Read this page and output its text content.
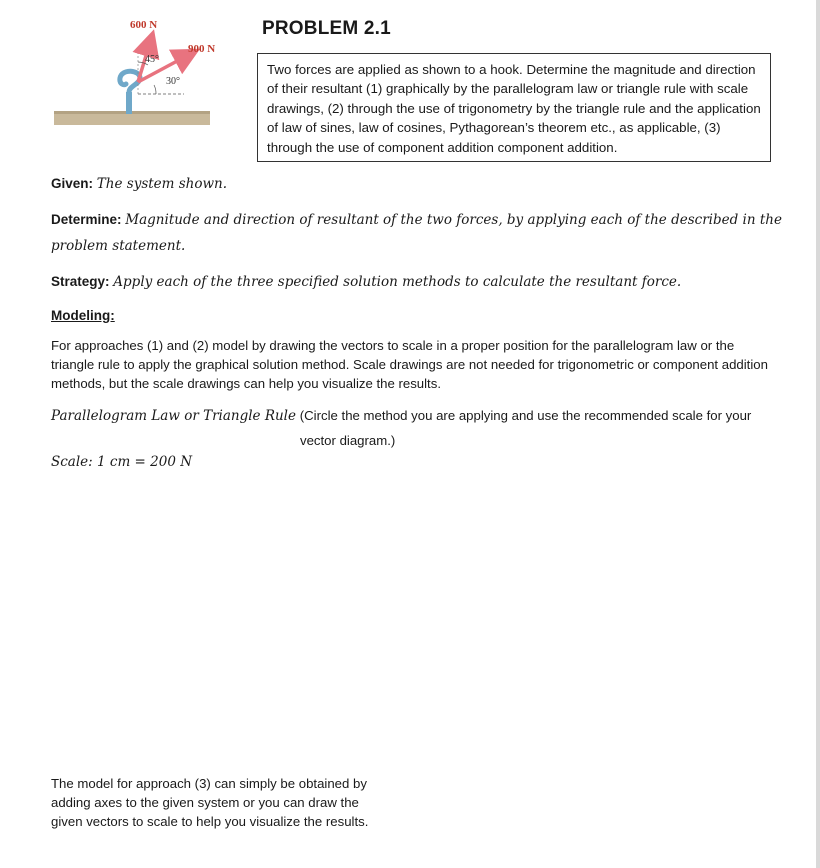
600 N
900 N
45°
30°
PROBLEM 2.1
Two forces are applied as shown to a hook. Determine the magnitude and direction of their resultant (1) graphically by the parallelogram law or triangle rule with scale drawings, (2) through the use of trigonometry by the triangle rule and the application of law of sines, law of cosines, Pythagorean’s theorem etc., as applicable, (3) through the use of component addition component addition.
Given: The system shown.
Determine: Magnitude and direction of resultant of the two forces, by applying each of the described in the
problem statement.
Strategy: Apply each of the three specified solution methods to calculate the resultant force.
Modeling:
For approaches (1) and (2) model by drawing the vectors to scale in a proper position for the parallelogram law or the triangle rule to apply the graphical solution method. Scale drawings are not needed for trigonometric or component addition methods, but the scale drawings can help you visualize the results.
Parallelogram Law or Triangle Rule (Circle the method you are applying and use the recommended scale for your
vector diagram.)
Scale: 1 cm = 200 N
The model for approach (3) can simply be obtained by
adding axes to the given system or you can draw the
given vectors to scale to help you visualize the results.
